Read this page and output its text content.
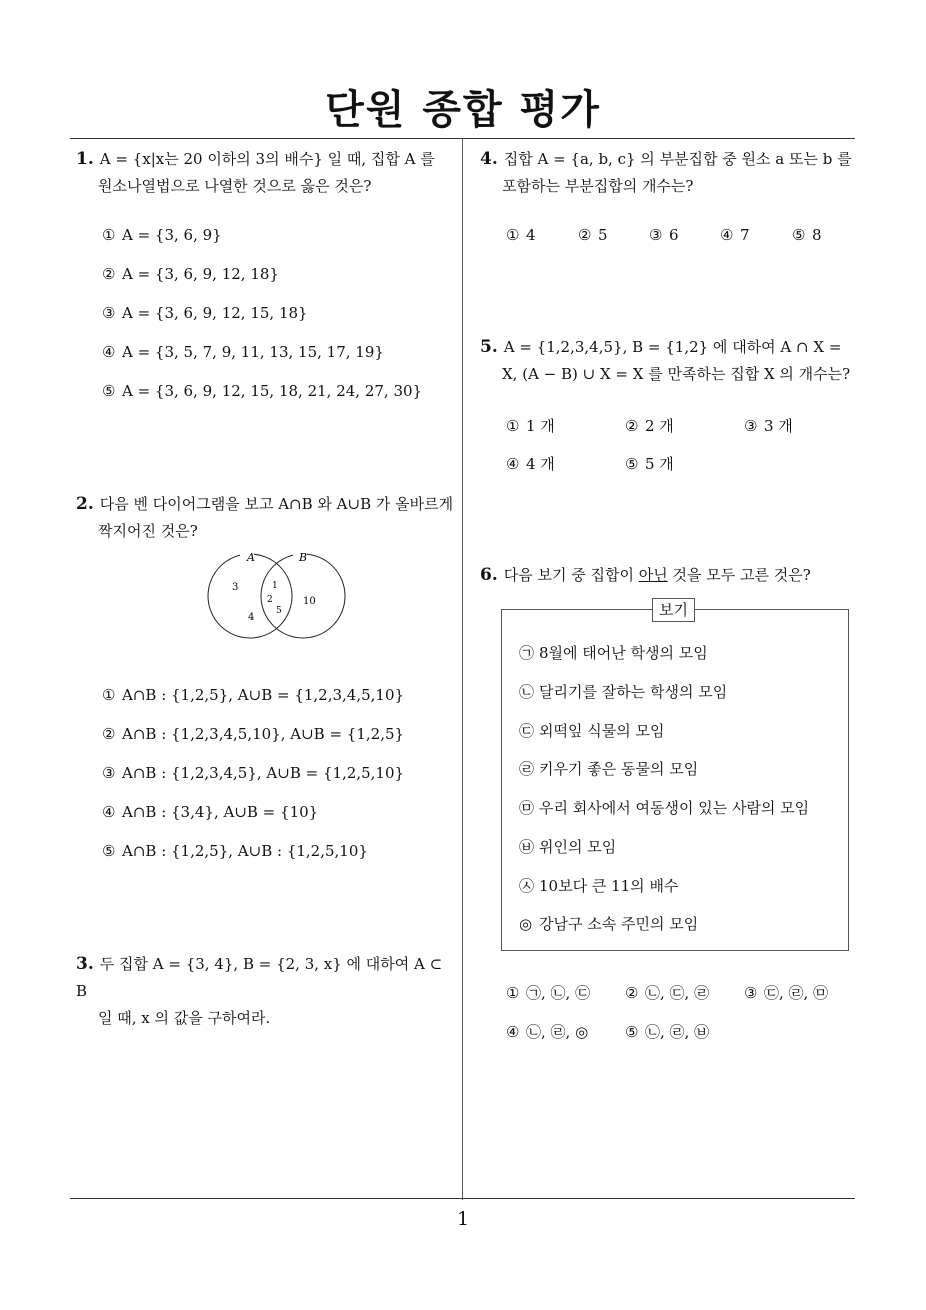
단원 종합 평가
1
1. A = {x|x는 20 이하의 3의 배수} 일 때, 집합 A 를
원소나열법으로 나열한 것으로 옳은 것은?
① A = {3, 6, 9}
② A = {3, 6, 9, 12, 18}
③ A = {3, 6, 9, 12, 15, 18}
④ A = {3, 5, 7, 9, 11, 13, 15, 17, 19}
⑤ A = {3, 6, 9, 12, 15, 18, 21, 24, 27, 30}
2. 다음 벤 다이어그램을 보고 A∩B 와 A∪B 가 올바르게
짝지어진 것은?
A	B
3
4
1
2
5
10
① A∩B : {1,2,5}, A∪B = {1,2,3,4,5,10}
② A∩B : {1,2,3,4,5,10}, A∪B = {1,2,5}
③ A∩B : {1,2,3,4,5}, A∪B = {1,2,5,10}
④ A∩B : {3,4}, A∪B = {10}
⑤ A∩B : {1,2,5}, A∪B : {1,2,5,10}
3. 두 집합 A = {3, 4}, B = {2, 3, x} 에 대하여 A ⊂ B
일 때, x 의 값을 구하여라.
4. 집합 A = {a, b, c} 의 부분집합 중 원소 a 또는 b 를
포함하는 부분집합의 개수는?
① 4	② 5	③ 6	④ 7	⑤ 8
5. A = {1,2,3,4,5}, B = {1,2} 에 대하여 A ∩ X =
X, (A − B) ∪ X = X 를 만족하는 집합 X 의 개수는?
① 1 개	② 2 개	③ 3 개
④ 4 개	⑤ 5 개
6. 다음 보기 중 집합이 아닌 것을 모두 고른 것은?
보기
㉠ 8월에 태어난 학생의 모임
㉡ 달리기를 잘하는 학생의 모임
㉢ 외떡잎 식물의 모임
㉣ 키우기 좋은 동물의 모임
㉤ 우리 회사에서 여동생이 있는 사람의 모임
㉥ 위인의 모임
㉦ 10보다 큰 11의 배수
◎ 강남구 소속 주민의 모임
① ㉠, ㉡, ㉢ ② ㉡, ㉢, ㉣ ③ ㉢, ㉣, ㉤
④ ㉡, ㉣, ◎ ⑤ ㉡, ㉣, ㉥
